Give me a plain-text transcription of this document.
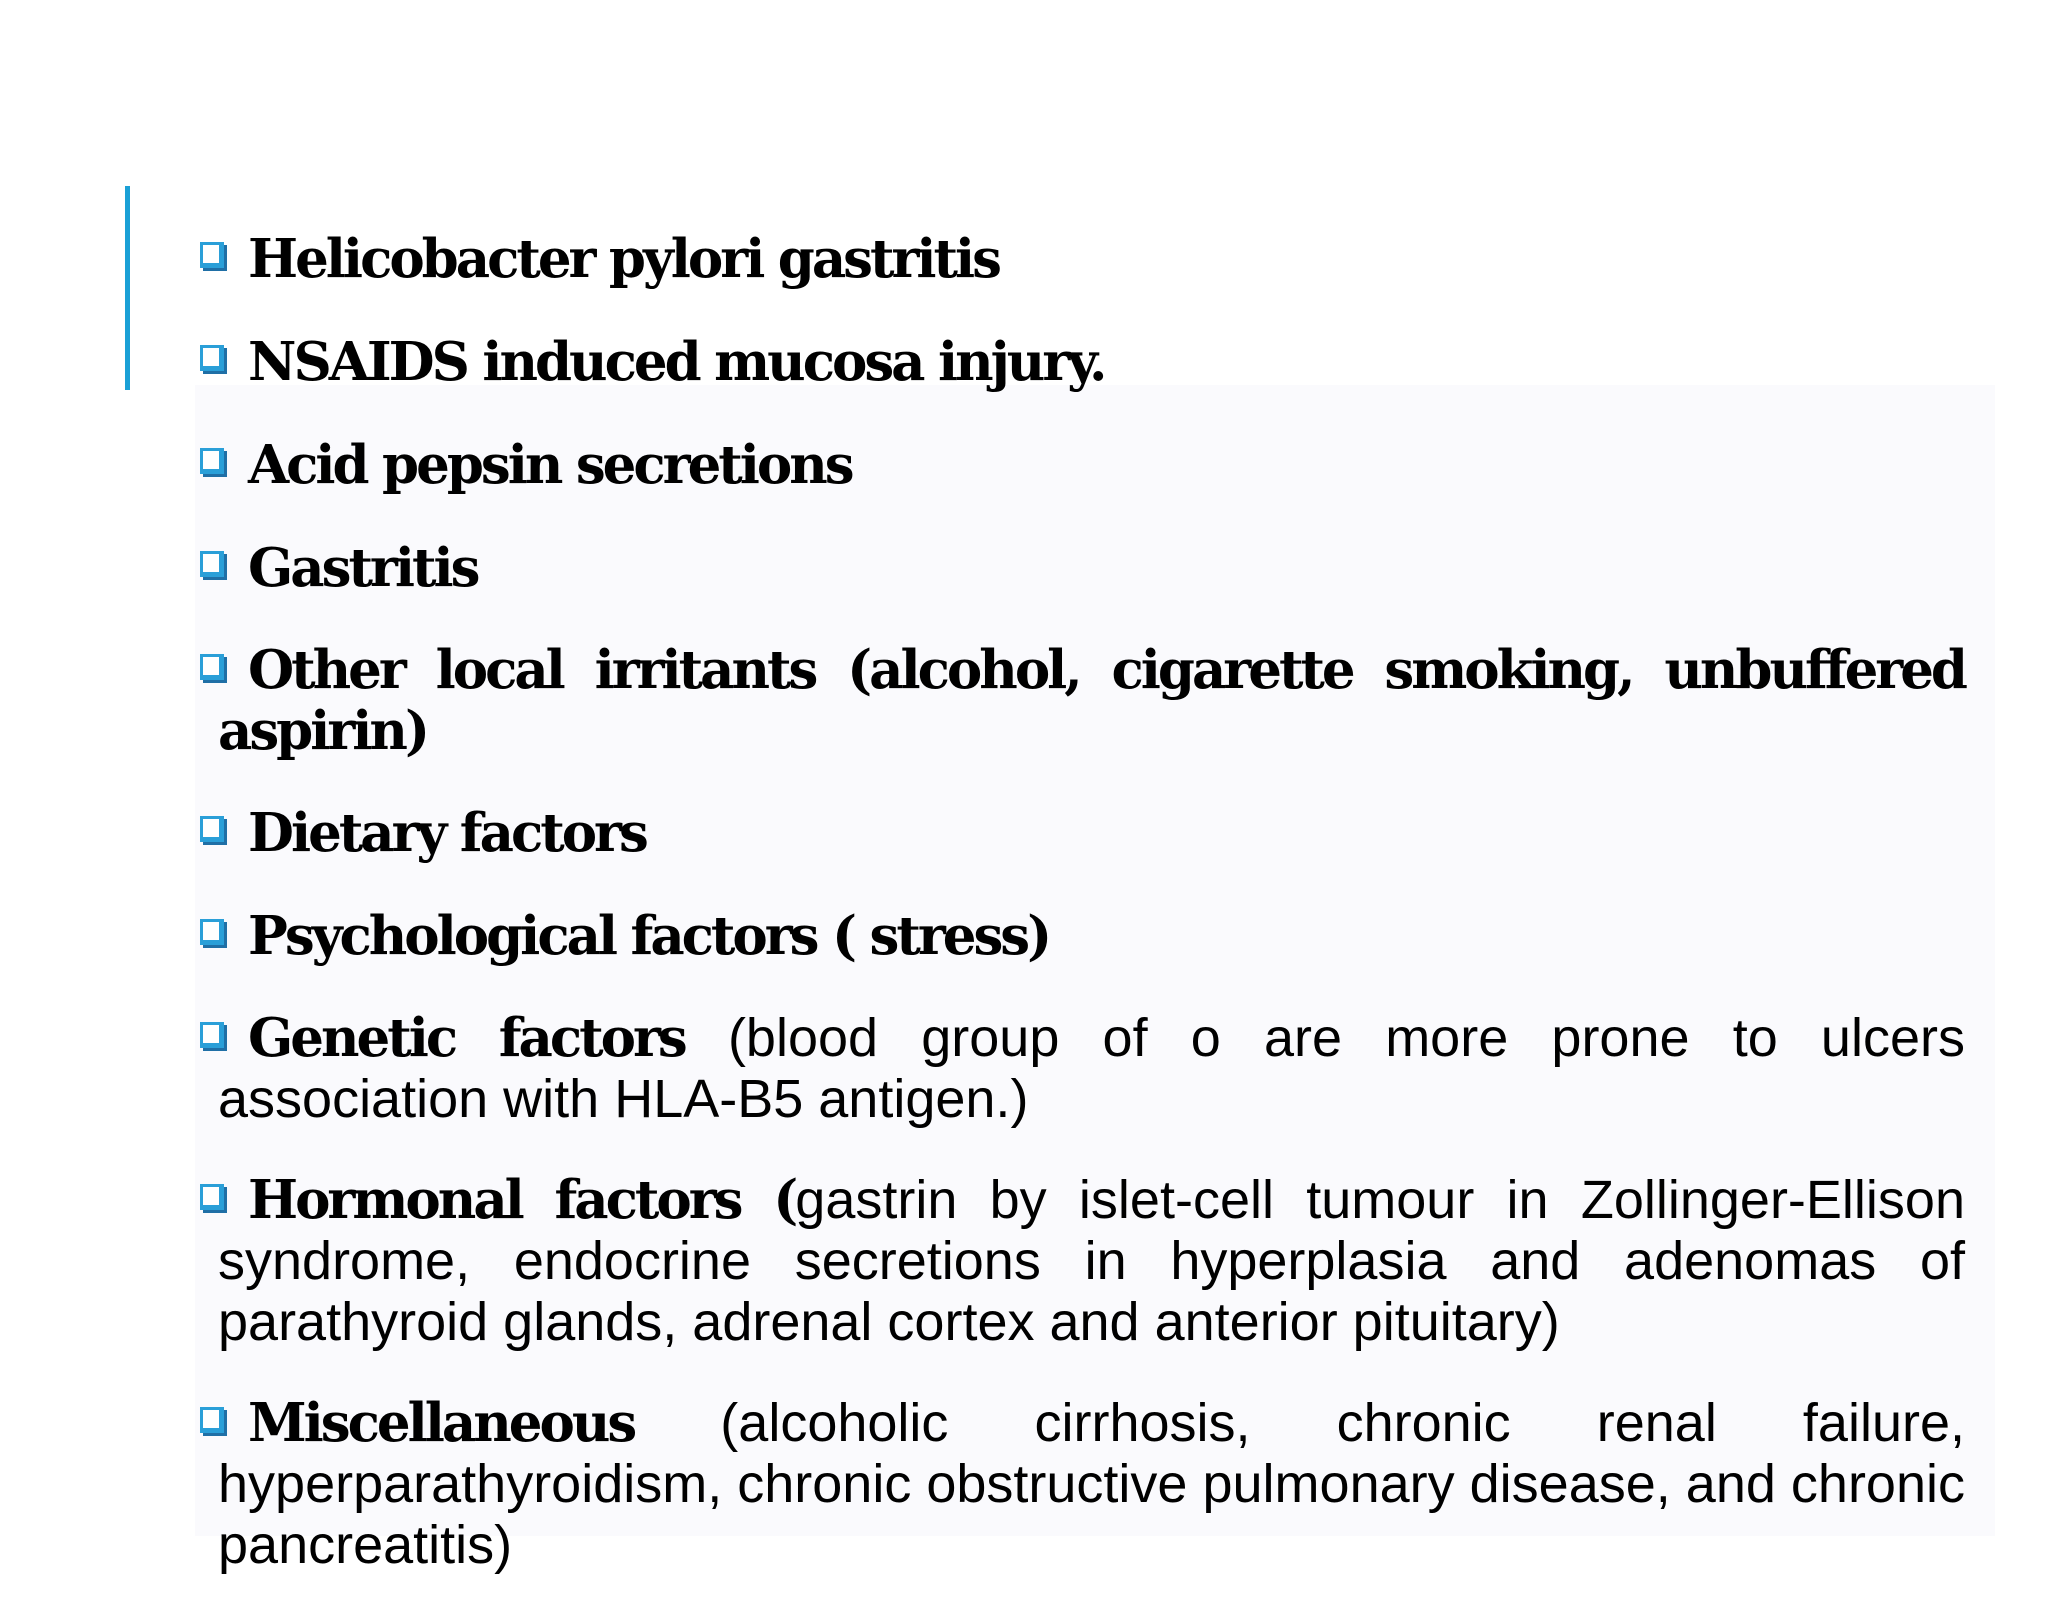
Helicobacter pylori gastritis
NSAIDS induced mucosa injury.
Acid pepsin secretions
Gastritis
Other local irritants (alcohol, cigarette smoking, unbuffered aspirin)
Dietary factors
Psychological factors ( stress)
Genetic factors (blood group of o are more prone to ulcers association with HLA-B5 antigen.)
Hormonal factors (gastrin by islet-cell tumour in Zollinger-Ellison syndrome, endocrine secretions in hyperplasia and adenomas of parathyroid glands, adrenal cortex and anterior pituitary)
Miscellaneous (alcoholic cirrhosis, chronic renal failure, hyperparathyroidism, chronic obstructive pulmonary disease, and chronic pancreatitis)
